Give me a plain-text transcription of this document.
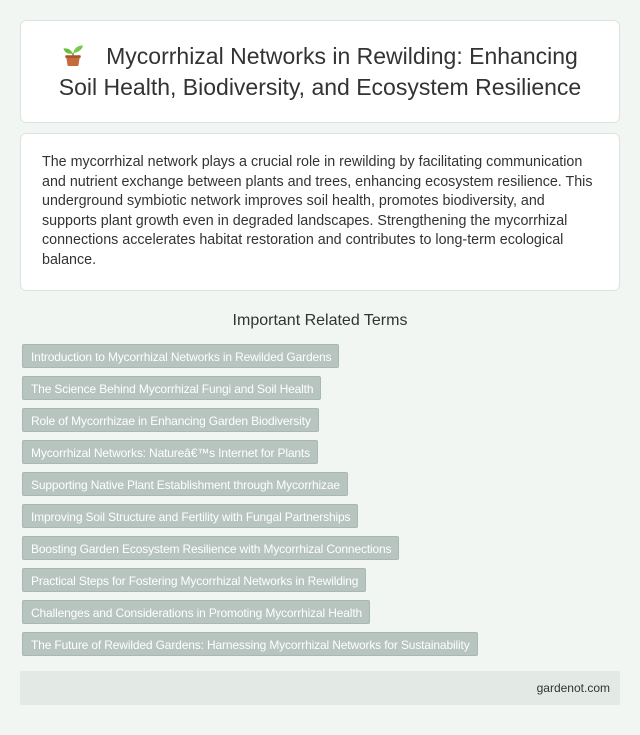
Mycorrhizal Networks in Rewilding: Enhancing Soil Health, Biodiversity, and Ecosystem Resilience

The mycorrhizal network plays a crucial role in rewilding by facilitating communication and nutrient exchange between plants and trees, enhancing ecosystem resilience. This underground symbiotic network improves soil health, promotes biodiversity, and supports plant growth even in degraded landscapes. Strengthening the mycorrhizal connections accelerates habitat restoration and contributes to long-term ecological balance.

Important Related Terms
Introduction to Mycorrhizal Networks in Rewilded Gardens
The Science Behind Mycorrhizal Fungi and Soil Health
Role of Mycorrhizae in Enhancing Garden Biodiversity
Mycorrhizal Networks: Natureâ€™s Internet for Plants
Supporting Native Plant Establishment through Mycorrhizae
Improving Soil Structure and Fertility with Fungal Partnerships
Boosting Garden Ecosystem Resilience with Mycorrhizal Connections
Practical Steps for Fostering Mycorrhizal Networks in Rewilding
Challenges and Considerations in Promoting Mycorrhizal Health
The Future of Rewilded Gardens: Harnessing Mycorrhizal Networks for Sustainability
gardenot.com
